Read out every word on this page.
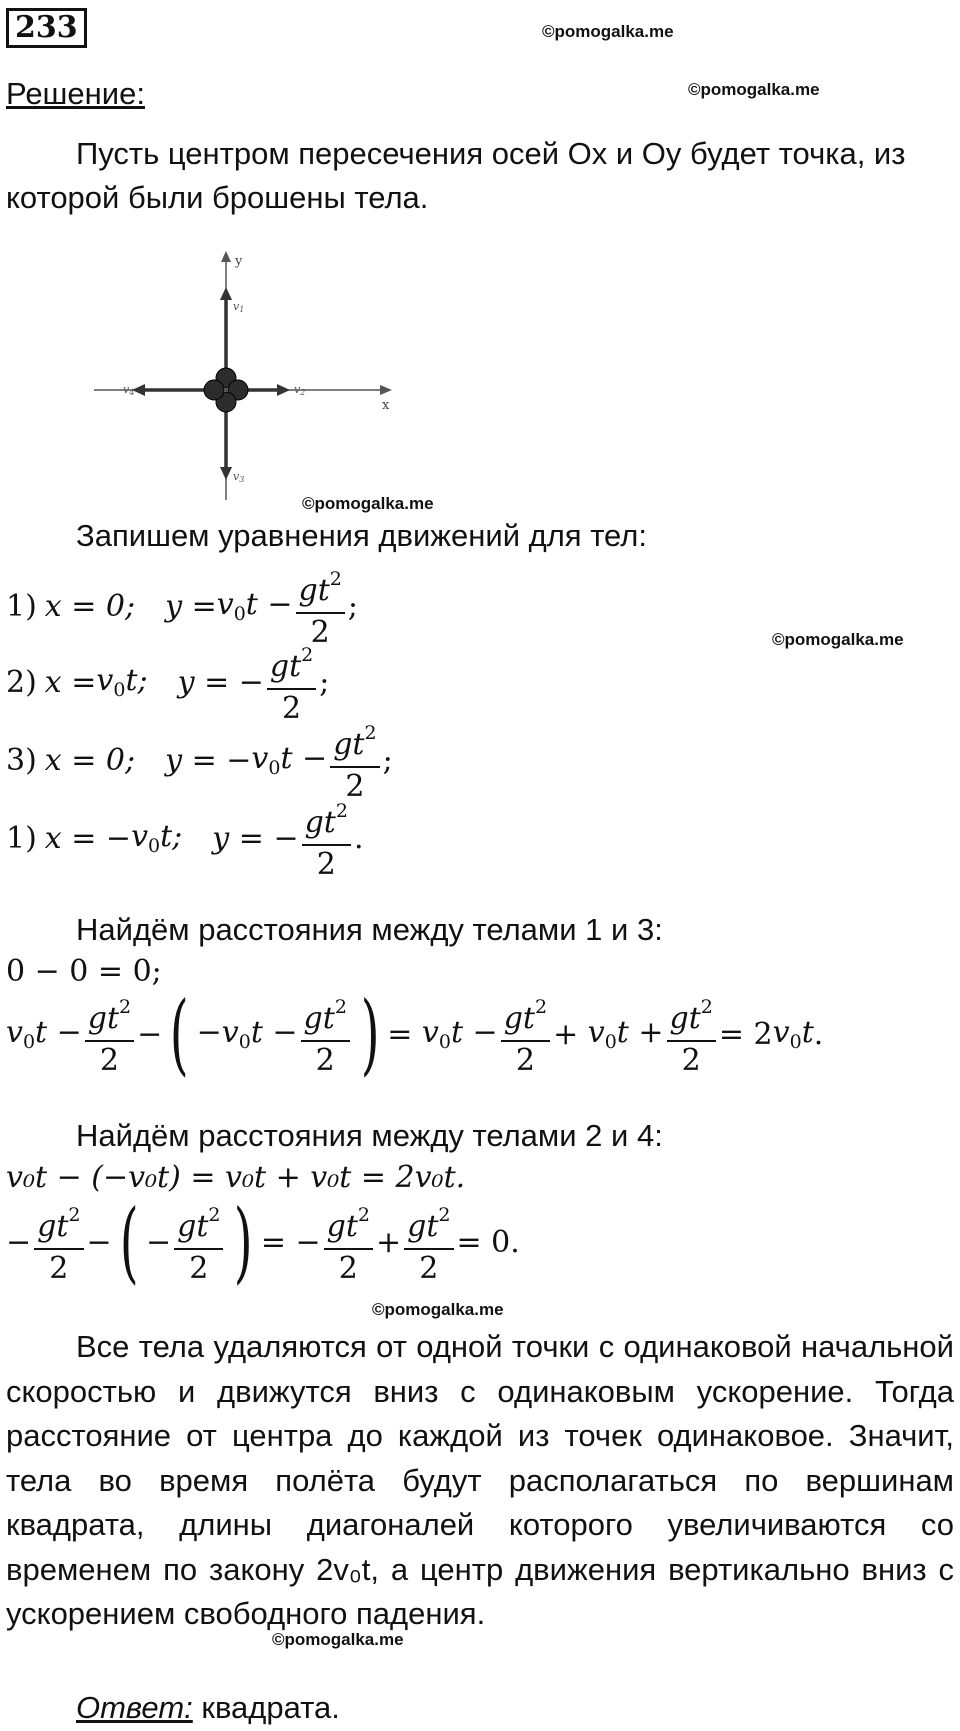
233	©pomogalka.me
Решение:	©pomogalka.me
Пусть центром пересечения осей Ox и Oy будет точка, из которой были брошены тела.
y
x
v1
v2
v3
v4
©pomogalka.me
Запишем уравнения движений для тел:
©pomogalka.me
1) x = 0; $y = v_0t - \frac{gt^2}{2}$ ;
2) $x = v_0t$; y = − $\frac{gt^2}{2}$ ;
3) x = 0; y = − $v_0t - \frac{gt^2}{2}$ ;
1) x = − $v_0t$; y = − $\frac{gt^2}{2}$ .
Найдём расстояния между телами 1 и 3:
0 − 0 = 0;
$v_0t - \frac{gt^2}{2}$ − ( $-v_0t - \frac{gt^2}{2}$ ) = $v_0t - \frac{gt^2}{2} + v_0t + \frac{gt^2}{2} = 2$ $v_0t$ .
Найдём расстояния между телами 2 и 4:
v₀t − (−v₀t) = v₀t + v₀t = 2v₀t.
− $\frac{gt^2}{2}$ − ( − $\frac{gt^2}{2}$ ) = − $\frac{gt^2}{2} + \frac{gt^2}{2} = 0$.
©pomogalka.me
Все тела удаляются от одной точки с одинаковой начальной скоростью и движутся вниз с одинаковым ускорение. Тогда расстояние от центра до каждой из точек одинаковое. Значит, тела во время полёта будут располагаться по вершинам квадрата, длины диагоналей которого увеличиваются со временем по закону 2v₀t, а центр движения вертикально вниз с ускорением свободного падения.
©pomogalka.me
Ответ: квадрата.
